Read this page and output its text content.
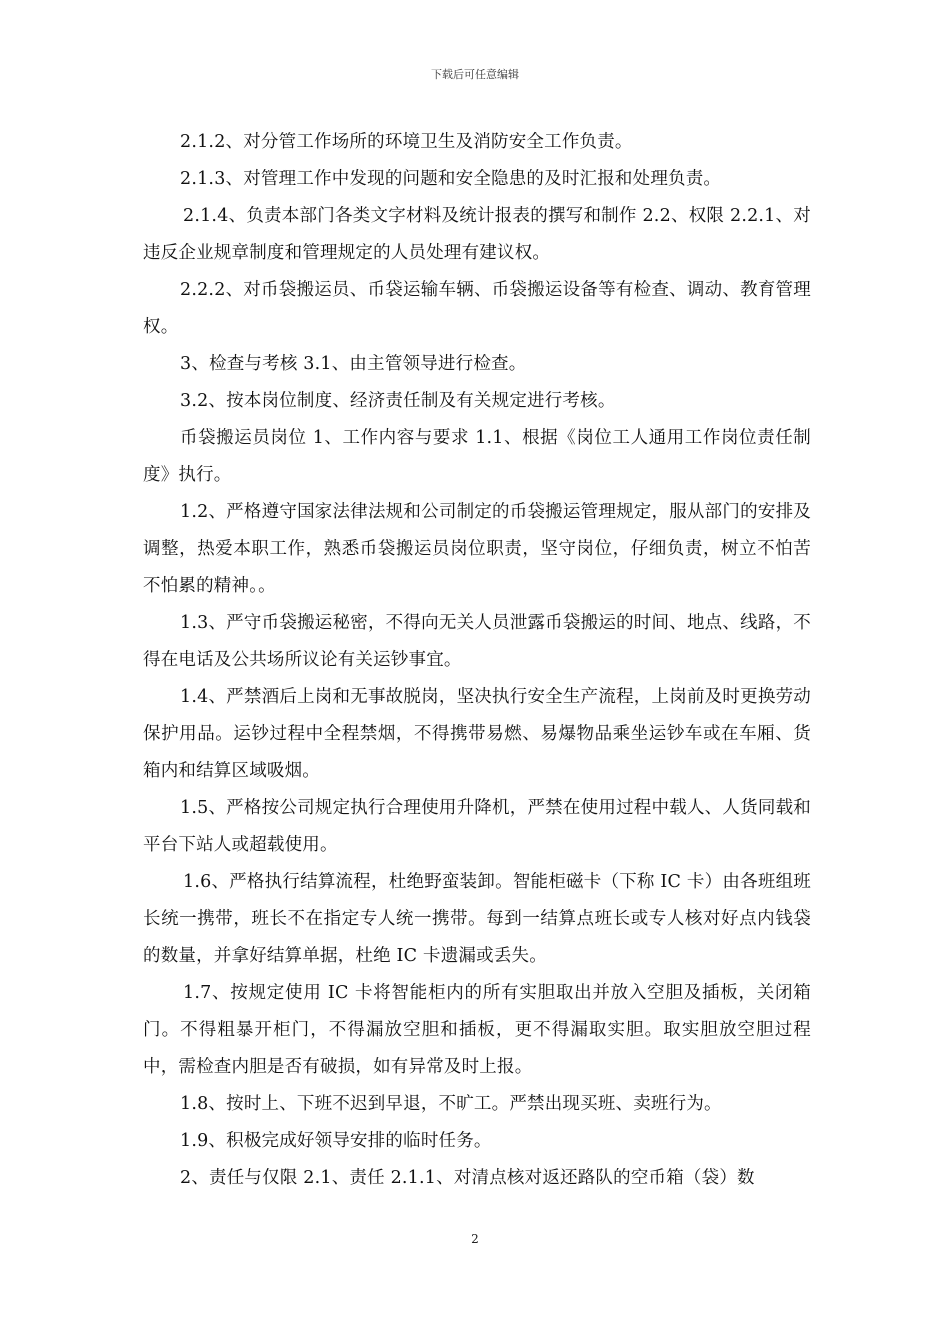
下载后可任意编辑

2.1.2、对分管工作场所的环境卫生及消防安全工作负责。

2.1.3、对管理工作中发现的问题和安全隐患的及时汇报和处理负责。

2.1.4、负责本部门各类文字材料及统计报表的撰写和制作 2.2、权限 2.2.1、对违反企业规章制度和管理规定的人员处理有建议权。

2.2.2、对币袋搬运员、币袋运输车辆、币袋搬运设备等有检查、调动、教育管理权。

3、检查与考核 3.1、由主管领导进行检查。

3.2、按本岗位制度、经济责任制及有关规定进行考核。

币袋搬运员岗位 1、工作内容与要求 1.1、根据《岗位工人通用工作岗位责任制度》执行。

1.2、严格遵守国家法律法规和公司制定的币袋搬运管理规定，服从部门的安排及调整，热爱本职工作，熟悉币袋搬运员岗位职责，坚守岗位，仔细负责，树立不怕苦不怕累的精神。。

1.3、严守币袋搬运秘密，不得向无关人员泄露币袋搬运的时间、地点、线路，不得在电话及公共场所议论有关运钞事宜。

1.4、严禁酒后上岗和无事故脱岗，坚决执行安全生产流程，上岗前及时更换劳动保护用品。运钞过程中全程禁烟，不得携带易燃、易爆物品乘坐运钞车或在车厢、货箱内和结算区域吸烟。

1.5、严格按公司规定执行合理使用升降机，严禁在使用过程中载人、人货同载和平台下站人或超载使用。

1.6、严格执行结算流程，杜绝野蛮装卸。智能柜磁卡（下称 IC 卡）由各班组班长统一携带，班长不在指定专人统一携带。每到一结算点班长或专人核对好点内钱袋的数量，并拿好结算单据，杜绝 IC 卡遗漏或丢失。

1.7、按规定使用 IC 卡将智能柜内的所有实胆取出并放入空胆及插板，关闭箱门。不得粗暴开柜门，不得漏放空胆和插板，更不得漏取实胆。取实胆放空胆过程中，需检查内胆是否有破损，如有异常及时上报。

1.8、按时上、下班不迟到早退，不旷工。严禁出现买班、卖班行为。

1.9、积极完成好领导安排的临时任务。

2、责任与仅限 2.1、责任 2.1.1、对清点核对返还路队的空币箱（袋）数

2
